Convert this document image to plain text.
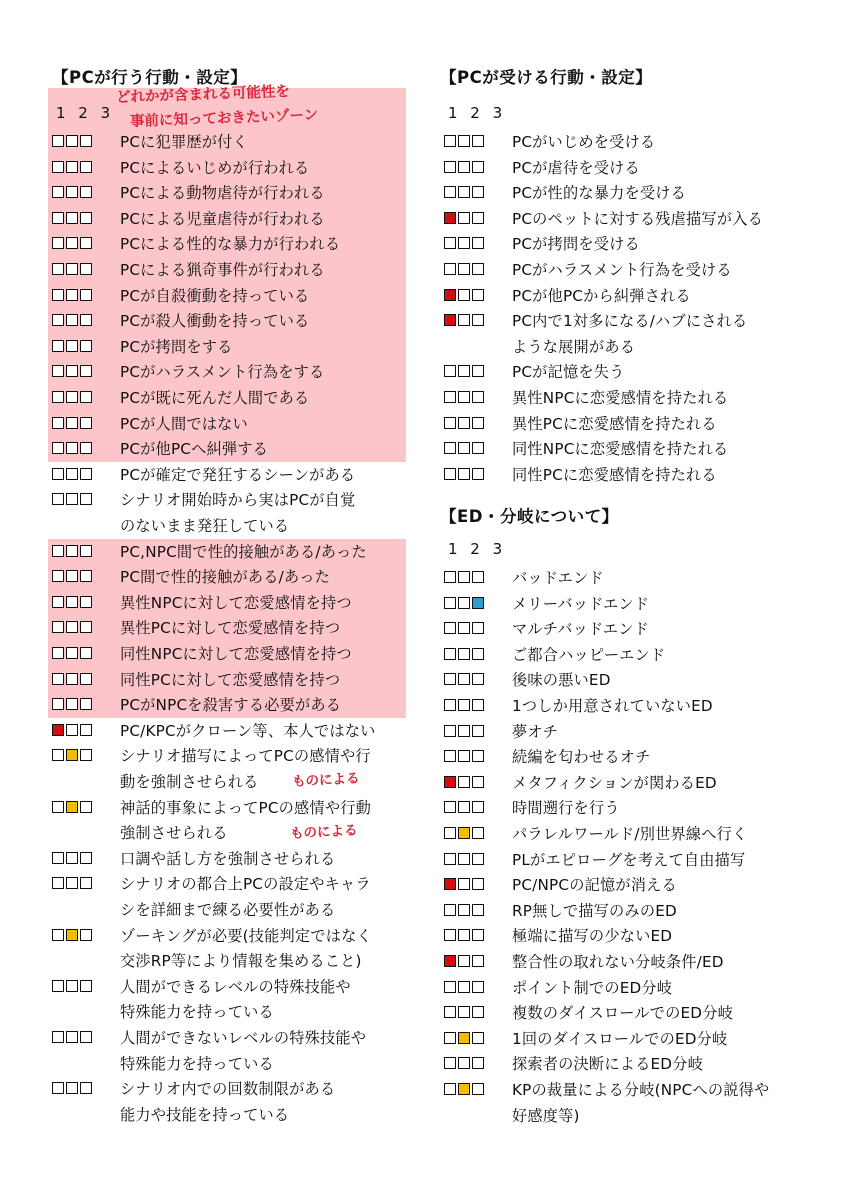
【PCが行う行動・設定】
1 2 3
PCに犯罪歴が付く
PCによるいじめが行われる
PCによる動物虐待が行われる
PCによる児童虐待が行われる
PCによる性的な暴力が行われる
PCによる猟奇事件が行われる
PCが自殺衝動を持っている
PCが殺人衝動を持っている
PCが拷問をする
PCがハラスメント行為をする
PCが既に死んだ人間である
PCが人間ではない
PCが他PCへ糾弾する
PCが確定で発狂するシーンがある
シナリオ開始時から実はPCが自覚
のないまま発狂している
PC,NPC間で性的接触がある/あった
PC間で性的接触がある/あった
異性NPCに対して恋愛感情を持つ
異性PCに対して恋愛感情を持つ
同性NPCに対して恋愛感情を持つ
同性PCに対して恋愛感情を持つ
PCがNPCを殺害する必要がある
PC/KPCがクローン等、本人ではない
シナリオ描写によってPCの感情や行
動を強制させられる
神話的事象によってPCの感情や行動
強制させられる
口調や話し方を強制させられる
シナリオの都合上PCの設定やキャラ
シを詳細まで練る必要性がある
ゾーキングが必要(技能判定ではなく
交渉RP等により情報を集めること)
人間ができるレベルの特殊技能や
特殊能力を持っている
人間ができないレベルの特殊技能や
特殊能力を持っている
シナリオ内での回数制限がある
能力や技能を持っている
どれかが含まれる可能性を
事前に知っておきたいゾーン
ものによる
ものによる
【PCが受ける行動・設定】
1 2 3
PCがいじめを受ける
PCが虐待を受ける
PCが性的な暴力を受ける
PCのペットに対する残虐描写が入る
PCが拷問を受ける
PCがハラスメント行為を受ける
PCが他PCから糾弾される
PC内で1対多になる/ハブにされる
ような展開がある
PCが記憶を失う
異性NPCに恋愛感情を持たれる
異性PCに恋愛感情を持たれる
同性NPCに恋愛感情を持たれる
同性PCに恋愛感情を持たれる
【ED・分岐について】
1 2 3
バッドエンド
メリーバッドエンド
マルチバッドエンド
ご都合ハッピーエンド
後味の悪いED
1つしか用意されていないED
夢オチ
続編を匂わせるオチ
メタフィクションが関わるED
時間遡行を行う
パラレルワールド/別世界線へ行く
PLがエピローグを考えて自由描写
PC/NPCの記憶が消える
RP無しで描写のみのED
極端に描写の少ないED
整合性の取れない分岐条件/ED
ポイント制でのED分岐
複数のダイスロールでのED分岐
1回のダイスロールでのED分岐
探索者の決断によるED分岐
KPの裁量による分岐(NPCへの説得や
好感度等)
